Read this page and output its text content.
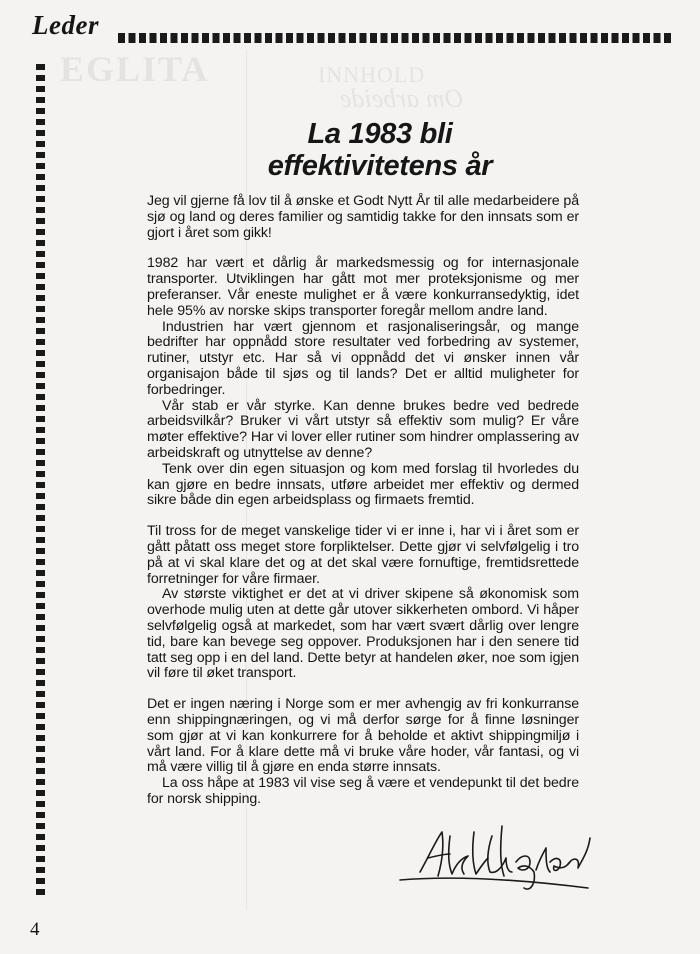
EGLITA	INNHOLD
Om arbeide
Leder
La 1983 bli
effektivitetens år

Jeg vil gjerne få lov til å ønske et Godt Nytt År til alle medarbeidere på sjø og land og deres familier og samtidig takke for den innsats som er gjort i året som gikk!

1982 har vært et dårlig år markedsmessig og for internasjonale transporter. Utviklingen har gått mot mer proteksjonisme og mer preferanser. Vår eneste mulighet er å være konkurransedyktig, idet hele 95% av norske skips transporter foregår mellom andre land.

Industrien har vært gjennom et rasjonaliseringsår, og mange bedrifter har oppnådd store resultater ved forbedring av systemer, rutiner, utstyr etc. Har så vi oppnådd det vi ønsker innen vår organisajon både til sjøs og til lands? Det er alltid muligheter for forbedringer.

Vår stab er vår styrke. Kan denne brukes bedre ved bedrede arbeidsvilkår? Bruker vi vårt utstyr så effektiv som mulig? Er våre møter effektive? Har vi lover eller rutiner som hindrer omplassering av arbeidskraft og utnyttelse av denne?

Tenk over din egen situasjon og kom med forslag til hvorledes du kan gjøre en bedre innsats, utføre arbeidet mer effektiv og dermed sikre både din egen arbeidsplass og firmaets fremtid.

Til tross for de meget vanskelige tider vi er inne i, har vi i året som er gått påtatt oss meget store forpliktelser. Dette gjør vi selvfølgelig i tro på at vi skal klare det og at det skal være fornuftige, fremtidsrettede forretninger for våre firmaer.

Av største viktighet er det at vi driver skipene så økonomisk som overhode mulig uten at dette går utover sikkerheten ombord. Vi håper selvfølgelig også at markedet, som har vært svært dårlig over lengre tid, bare kan bevege seg oppover. Produksjonen har i den senere tid tatt seg opp i en del land. Dette betyr at handelen øker, noe som igjen vil føre til øket transport.

Det er ingen næring i Norge som er mer avhengig av fri konkurranse enn shippingnæringen, og vi må derfor sørge for å finne løsninger som gjør at vi kan konkurrere for å beholde et aktivt shippingmiljø i vårt land. For å klare dette må vi bruke våre hoder, vår fantasi, og vi må være villig til å gjøre en enda større innsats.

La oss håpe at 1983 vil vise seg å være et vendepunkt til det bedre for norsk shipping.

4
